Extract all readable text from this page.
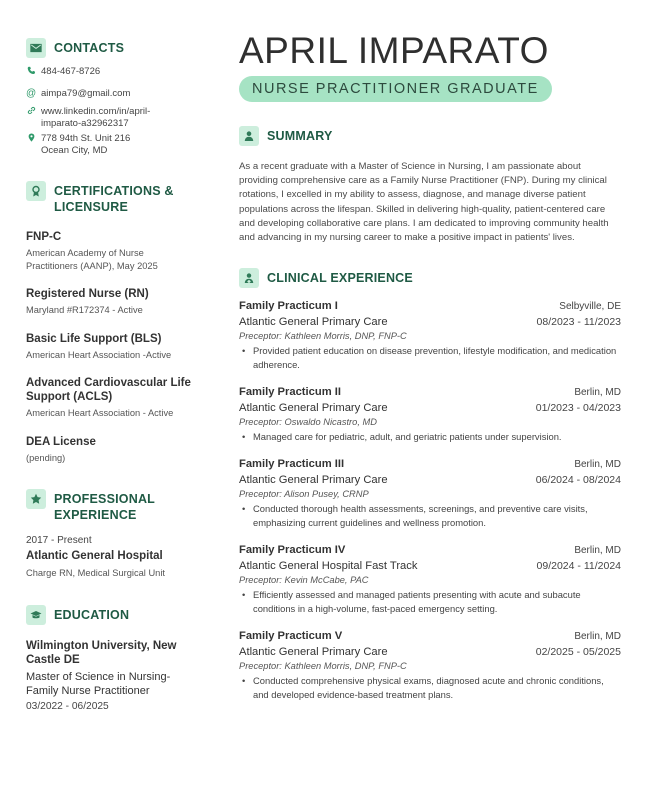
CONTACTS
484-467-8726
@ aimpa79@gmail.com
www.linkedin.com/in/april-imparato-a32962317
778 94th St. Unit 216
Ocean City, MD
CERTIFICATIONS & LICENSURE
FNP-C
American Academy of Nurse Practitioners (AANP), May 2025
Registered Nurse (RN)
Maryland #R172374 - Active
Basic Life Support (BLS)
American Heart Association -Active
Advanced Cardiovascular Life Support (ACLS)
American Heart Association - Active
DEA License
(pending)
PROFESSIONAL EXPERIENCE
2017 - Present
Atlantic General Hospital
Charge RN, Medical Surgical Unit
EDUCATION
Wilmington University, New Castle DE
Master of Science in Nursing-Family Nurse Practitioner
03/2022 - 06/2025
APRIL IMPARATO
NURSE PRACTITIONER GRADUATE
SUMMARY
As a recent graduate with a Master of Science in Nursing, I am passionate about providing comprehensive care as a Family Nurse Practitioner (FNP). During my clinical rotations, I excelled in my ability to assess, diagnose, and manage diverse patient populations across the lifespan. Skilled in delivering high-quality, patient-centered care and developing collaborative care plans. I am dedicated to improving community health and advancing in my nursing career to make a positive impact in patients' lives.
CLINICAL EXPERIENCE
Family Practicum I	Selbyville, DE
Atlantic General Primary Care	08/2023 - 11/2023
Preceptor: Kathleen Morris, DNP, FNP-C
• Provided patient education on disease prevention, lifestyle modification, and medication adherence.
Family Practicum II	Berlin, MD
Atlantic General Primary Care	01/2023 - 04/2023
Preceptor: Oswaldo Nicastro, MD
• Managed care for pediatric, adult, and geriatric patients under supervision.
Family Practicum III	Berlin, MD
Atlantic General Primary Care	06/2024 - 08/2024
Preceptor: Alison Pusey, CRNP
• Conducted thorough health assessments, screenings, and preventive care visits, emphasizing current guidelines and wellness promotion.
Family Practicum IV	Berlin, MD
Atlantic General Hospital Fast Track	09/2024 - 11/2024
Preceptor: Kevin McCabe, PAC
• Efficiently assessed and managed patients presenting with acute and subacute conditions in a high-volume, fast-paced emergency setting.
Family Practicum V	Berlin, MD
Atlantic General Primary Care	02/2025 - 05/2025
Preceptor: Kathleen Morris, DNP, FNP-C
• Conducted comprehensive physical exams, diagnosed acute and chronic conditions, and developed evidence-based treatment plans.
